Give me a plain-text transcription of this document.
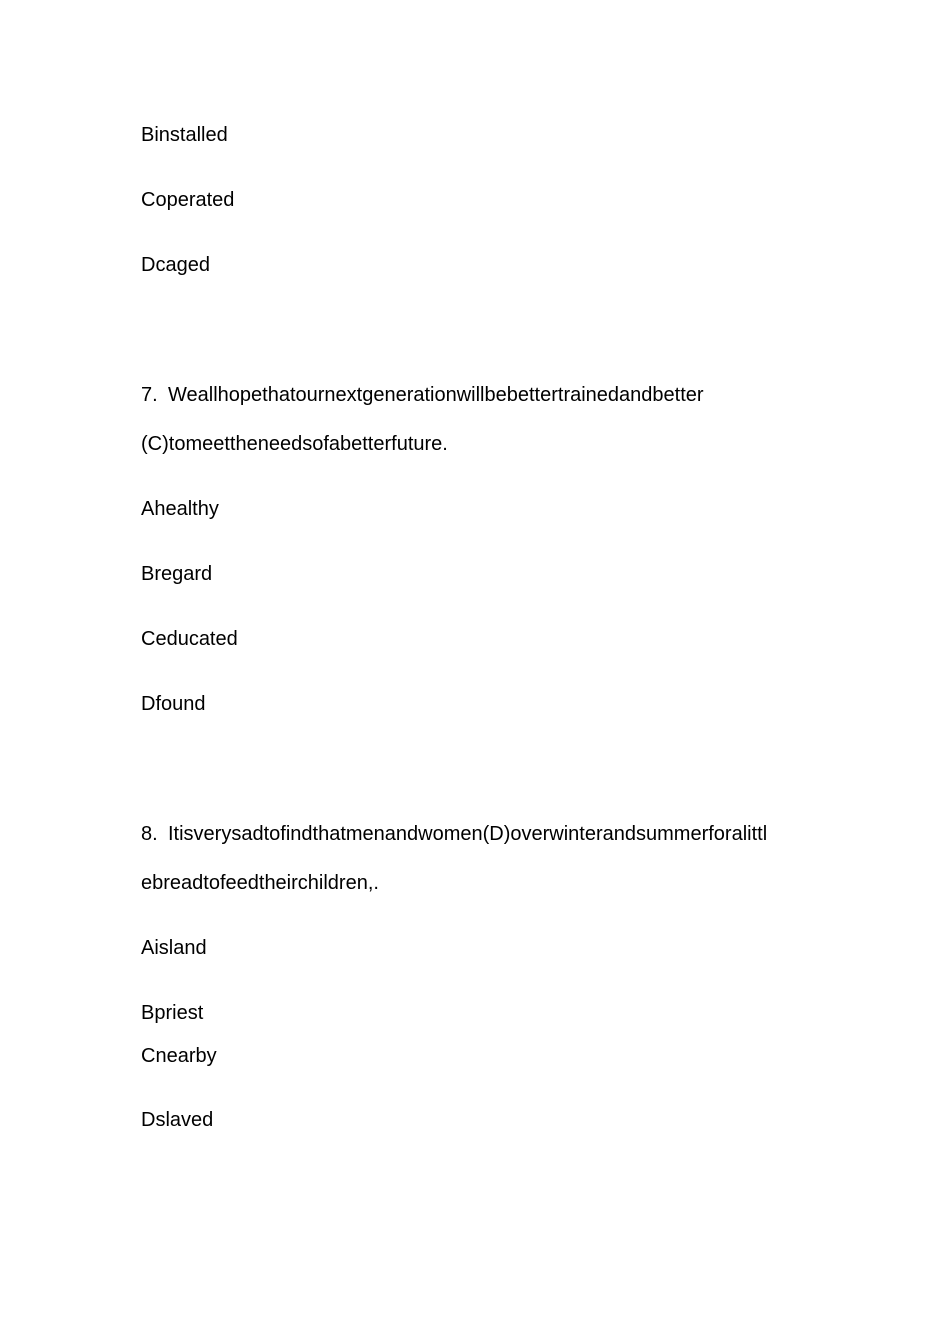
Binstalled
Coperated
Dcaged
7. Weallhopethatournextgenerationwillbebettertrainedandbetter
(C)tomeettheneedsofabetterfuture.
Ahealthy
Bregard
Ceducated
Dfound
8. Itisverysadtofindthatmenandwomen(D)overwinterandsummerforalittl
ebreadtofeedtheirchildren,.
Aisland
Bpriest
Cnearby
Dslaved
